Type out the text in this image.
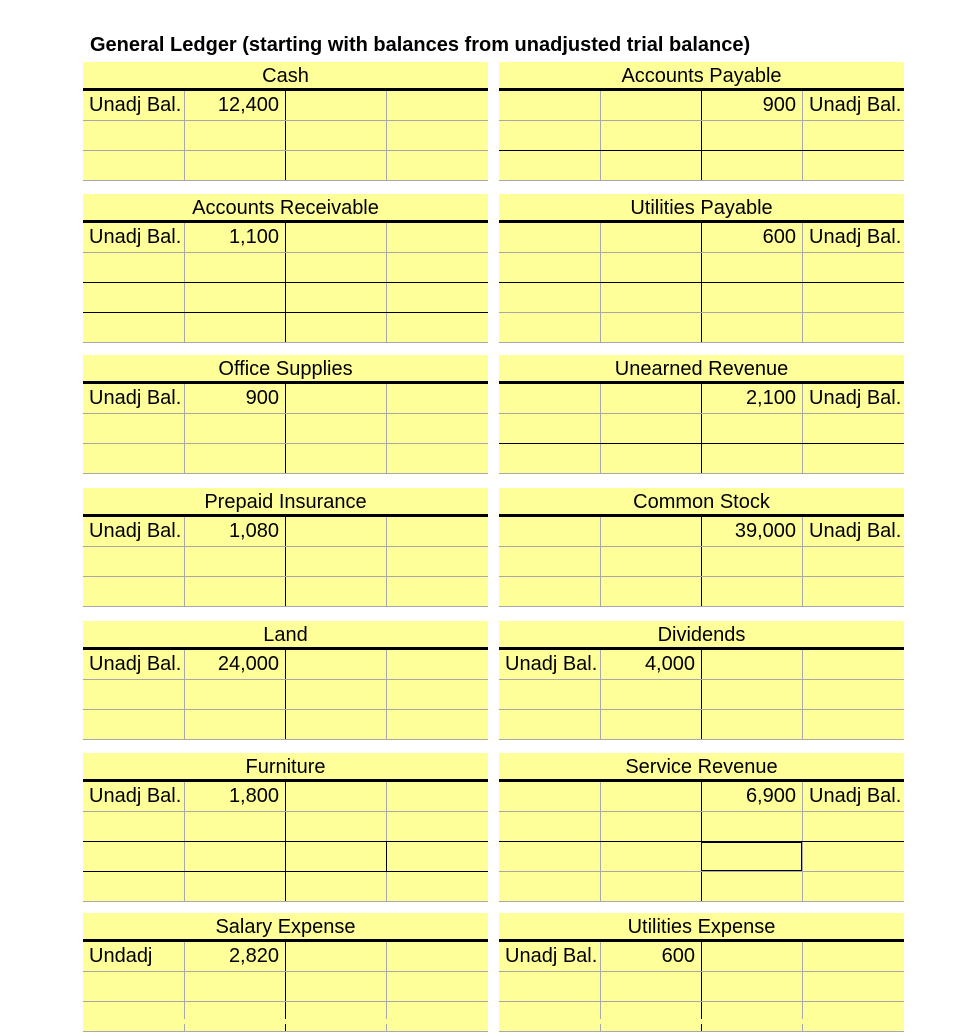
General Ledger (starting with balances from unadjusted trial balance)
Cash
Unadj Bal.	12,400
Accounts Payable
900 Unadj Bal.
Accounts Receivable
Unadj Bal.	1,100
Utilities Payable
600 Unadj Bal.
Office Supplies
Unadj Bal.	900
Unearned Revenue
2,100 Unadj Bal.
Prepaid Insurance
Unadj Bal.	1,080
Common Stock
39,000 Unadj Bal.
Land
Unadj Bal.	24,000
Dividends
Unadj Bal.	4,000
Furniture
Unadj Bal.	1,800
Service Revenue
6,900 Unadj Bal.
Salary Expense
Undadj	2,820
Utilities Expense
Unadj Bal.	600
